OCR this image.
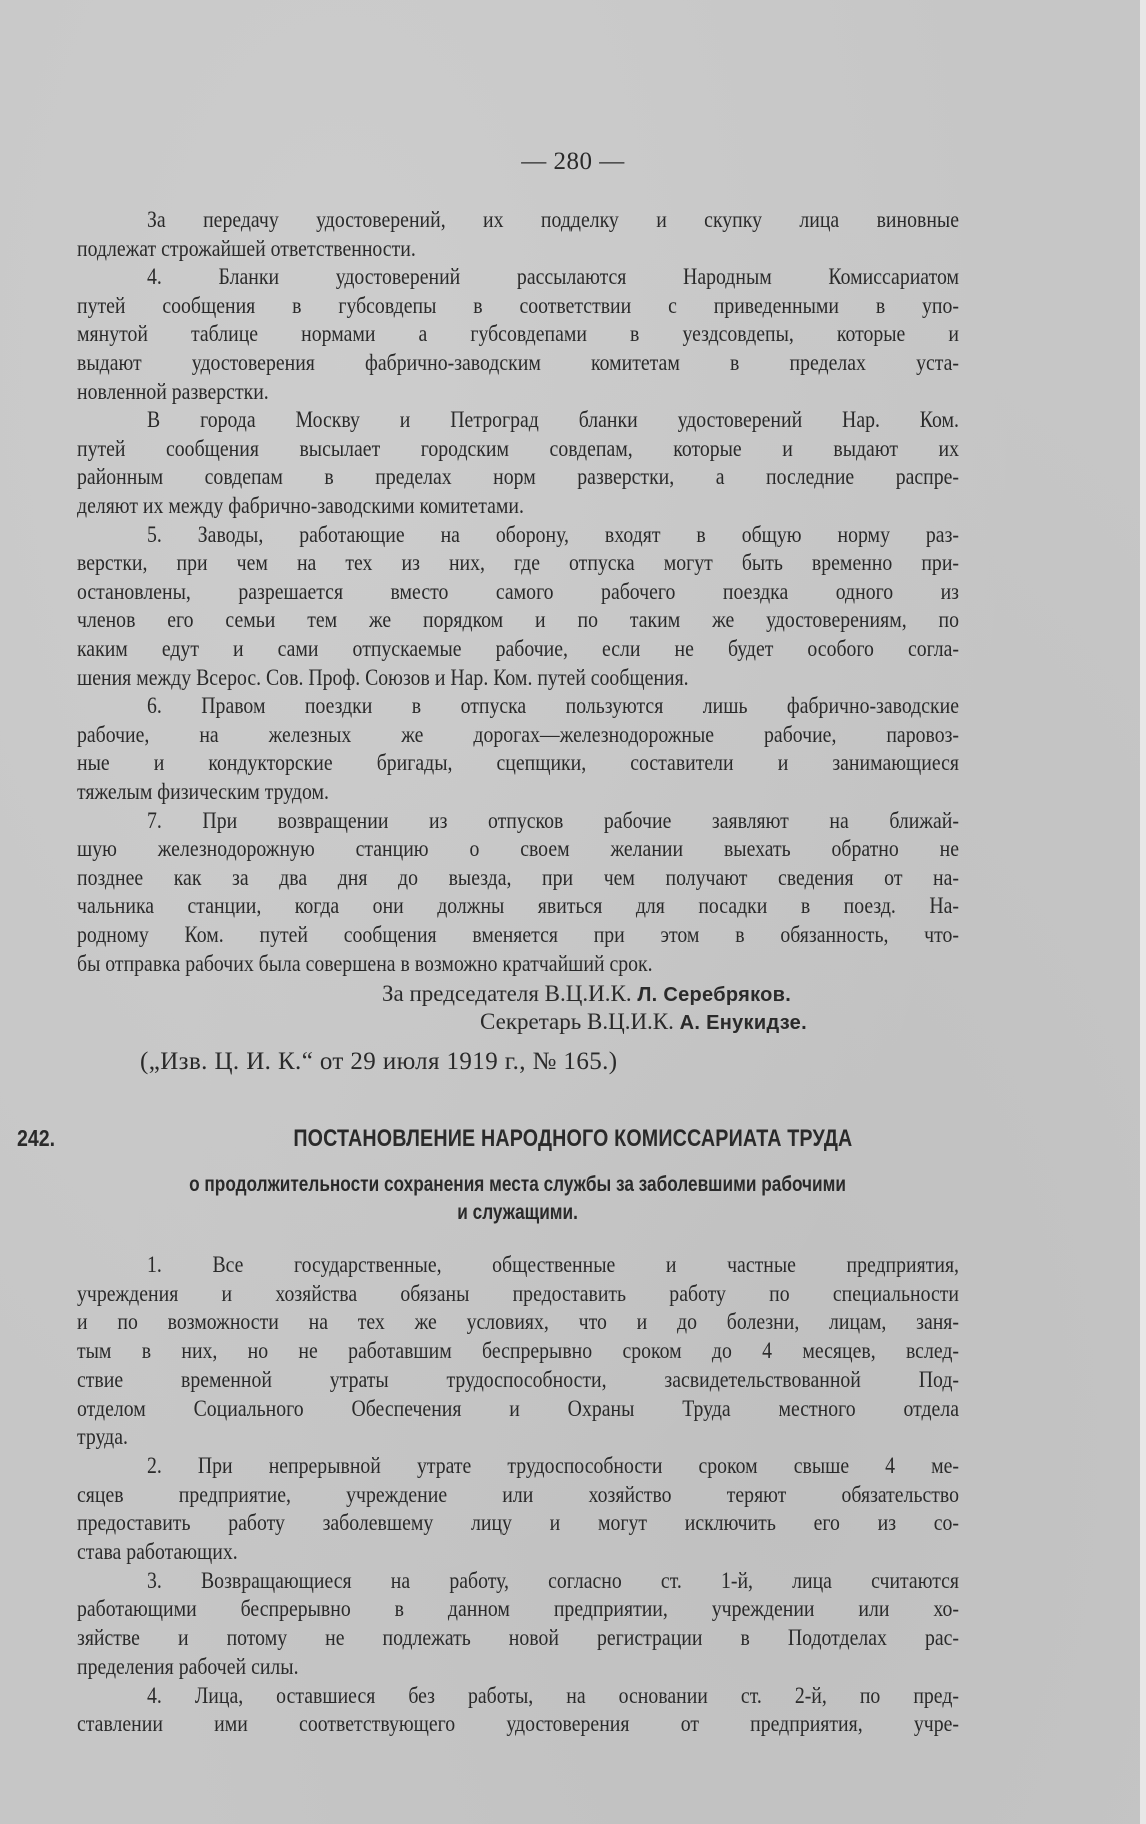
— 280 —
За передачу удостоверений, их подделку и скупку лица виновные
подлежат строжайшей ответственности.
4. Бланки удостоверений рассылаются Народным Комиссариатом
путей сообщения в губсовдепы в соответствии с приведенными в упо-
мянутой таблице нормами а губсовдепами в уездсовдепы, которые и
выдают удостоверения фабрично-заводским комитетам в пределах уста-
новленной разверстки.
В города Москву и Петроград бланки удостоверений Нар. Ком.
путей сообщения высылает городским совдепам, которые и выдают их
районным совдепам в пределах норм разверстки, а последние распре-
деляют их между фабрично-заводскими комитетами.
5. Заводы, работающие на оборону, входят в общую норму раз-
верстки, при чем на тех из них, где отпуска могут быть временно при-
остановлены, разрешается вместо самого рабочего поездка одного из
членов его семьи тем же порядком и по таким же удостоверениям, по
каким едут и сами отпускаемые рабочие, если не будет особого согла-
шения между Всерос. Сов. Проф. Союзов и Нар. Ком. путей сообщения.
6. Правом поездки в отпуска пользуются лишь фабрично-заводские
рабочие, на железных же дорогах—железнодорожные рабочие, паровоз-
ные и кондукторские бригады, сцепщики, составители и занимающиеся
тяжелым физическим трудом.
7. При возвращении из отпусков рабочие заявляют на ближай-
шую железнодорожную станцию о своем желании выехать обратно не
позднее как за два дня до выезда, при чем получают сведения от на-
чальника станции, когда они должны явиться для посадки в поезд. На-
родному Ком. путей сообщения вменяется при этом в обязанность, что-
бы отправка рабочих была совершена в возможно кратчайший срок.
За председателя В.Ц.И.К. Л. Серебряков.
Секретарь В.Ц.И.К. А. Енукидзе.
(„Изв. Ц. И. К.“ от 29 июля 1919 г., № 165.)
242.	ПОСТАНОВЛЕНИЕ НАРОДНОГО КОМИССАРИАТА ТРУДА
о продолжительности сохранения места службы за заболевшими рабочими
и служащими.
1. Все государственные, общественные и частные предприятия,
учреждения и хозяйства обязаны предоставить работу по специальности
и по возможности на тех же условиях, что и до болезни, лицам, заня-
тым в них, но не работавшим беспрерывно сроком до 4 месяцев, вслед-
ствие временной утраты трудоспособности, засвидетельствованной Под-
отделом Социального Обеспечения и Охраны Труда местного отдела
труда.
2. При непрерывной утрате трудоспособности сроком свыше 4 ме-
сяцев предприятие, учреждение или хозяйство теряют обязательство
предоставить работу заболевшему лицу и могут исключить его из со-
става работающих.
3. Возвращающиеся на работу, согласно ст. 1-й, лица считаются
работающими беспрерывно в данном предприятии, учреждении или хо-
зяйстве и потому не подлежать новой регистрации в Подотделах рас-
пределения рабочей силы.
4. Лица, оставшиеся без работы, на основании ст. 2-й, по пред-
ставлении ими соответствующего удостоверения от предприятия, учре-
